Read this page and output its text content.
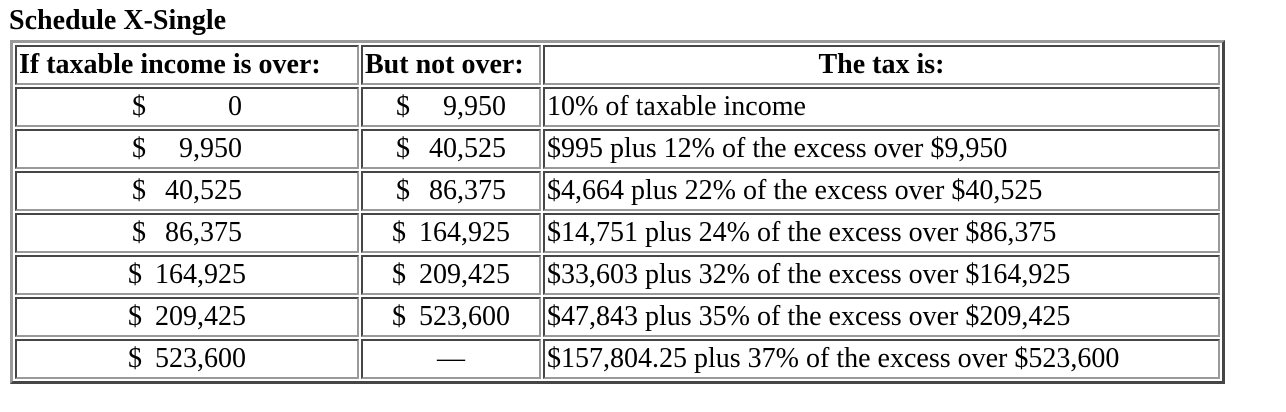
Schedule X-Single
If taxable income is over:	But not over:	The tax is:

$ 0	$ 9,950	10% of taxable income

$ 9,950	$ 40,525	$995 plus 12% of the excess over $9,950

$ 40,525	$ 86,375	$4,664 plus 22% of the excess over $40,525

$ 86,375	$ 164,925	$14,751 plus 24% of the excess over $86,375

$ 164,925	$ 209,425	$33,603 plus 32% of the excess over $164,925

$ 209,425	$ 523,600	$47,843 plus 35% of the excess over $209,425

$ 523,600	—	$157,804.25 plus 37% of the excess over $523,600
